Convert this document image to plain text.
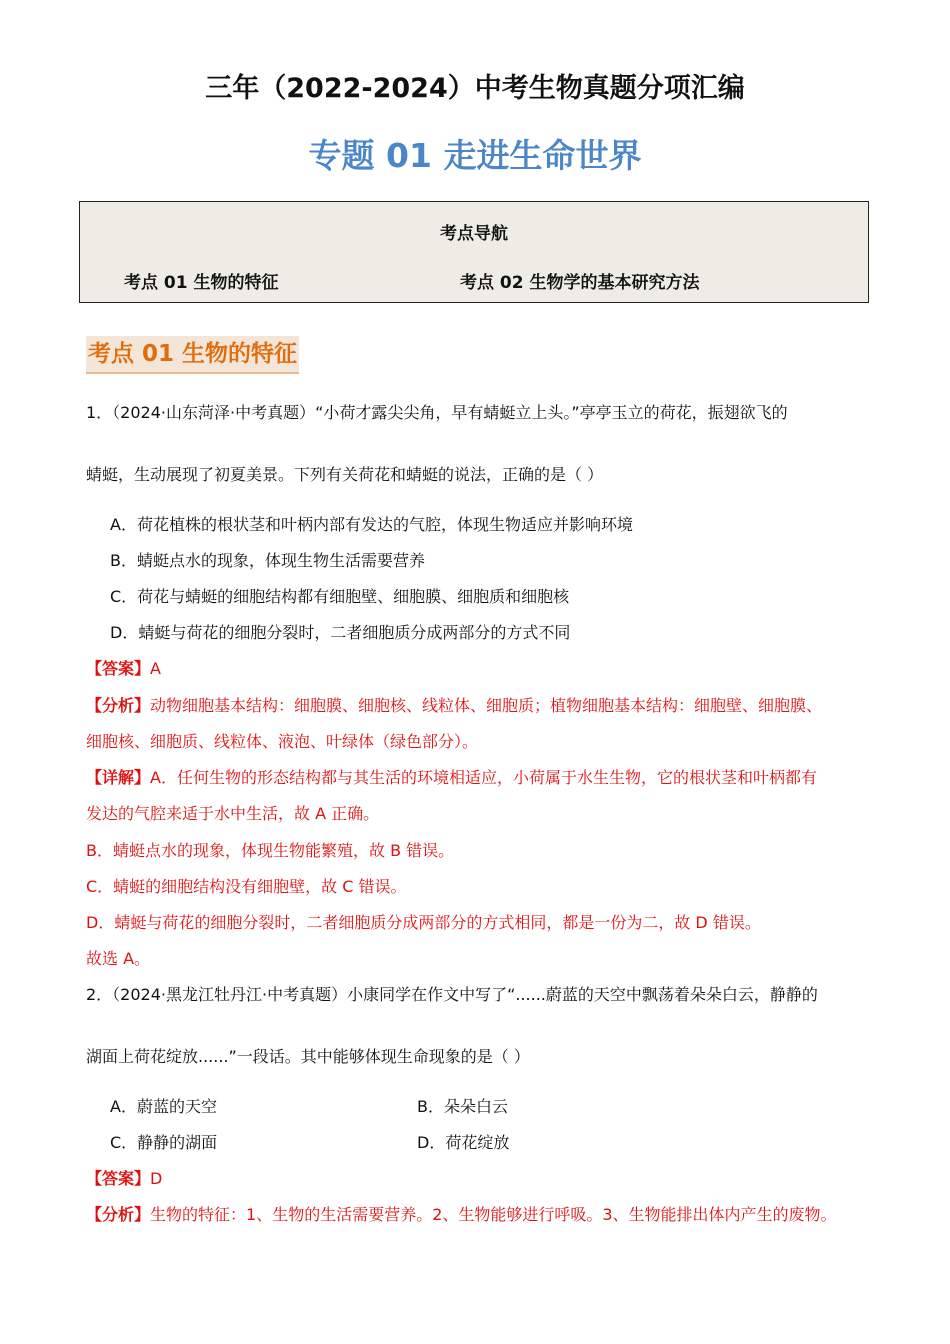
三年（2022-2024）中考生物真题分项汇编
专题 01 走进生命世界
考点导航
考点 01 生物的特征	考点 02 生物学的基本研究方法
考点 01 生物的特征
1．（2024·山东菏泽·中考真题）“小荷才露尖尖角，早有蜻蜓立上头。”亭亭玉立的荷花，振翅欲飞的
蜻蜓，生动展现了初夏美景。下列有关荷花和蜻蜓的说法，正确的是（ ）
A．荷花植株的根状茎和叶柄内部有发达的气腔，体现生物适应并影响环境
B．蜻蜓点水的现象，体现生物生活需要营养
C．荷花与蜻蜓的细胞结构都有细胞壁、细胞膜、细胞质和细胞核
D．蜻蜓与荷花的细胞分裂时，二者细胞质分成两部分的方式不同
【答案】A
【分析】动物细胞基本结构：细胞膜、细胞核、线粒体、细胞质；植物细胞基本结构：细胞壁、细胞膜、
细胞核、细胞质、线粒体、液泡、叶绿体（绿色部分）。
【详解】A．任何生物的形态结构都与其生活的环境相适应，小荷属于水生生物，它的根状茎和叶柄都有
发达的气腔来适于水中生活，故 A 正确。
B．蜻蜓点水的现象，体现生物能繁殖，故 B 错误。
C．蜻蜓的细胞结构没有细胞壁，故 C 错误。
D．蜻蜓与荷花的细胞分裂时，二者细胞质分成两部分的方式相同，都是一份为二，故 D 错误。
故选 A。
2．（2024·黑龙江牡丹江·中考真题）小康同学在作文中写了“......蔚蓝的天空中飘荡着朵朵白云，静静的
湖面上荷花绽放......”一段话。其中能够体现生命现象的是（ ）
A．蔚蓝的天空	B．朵朵白云
C．静静的湖面	D．荷花绽放
【答案】D
【分析】生物的特征：1、生物的生活需要营养。2、生物能够进行呼吸。3、生物能排出体内产生的废物。
